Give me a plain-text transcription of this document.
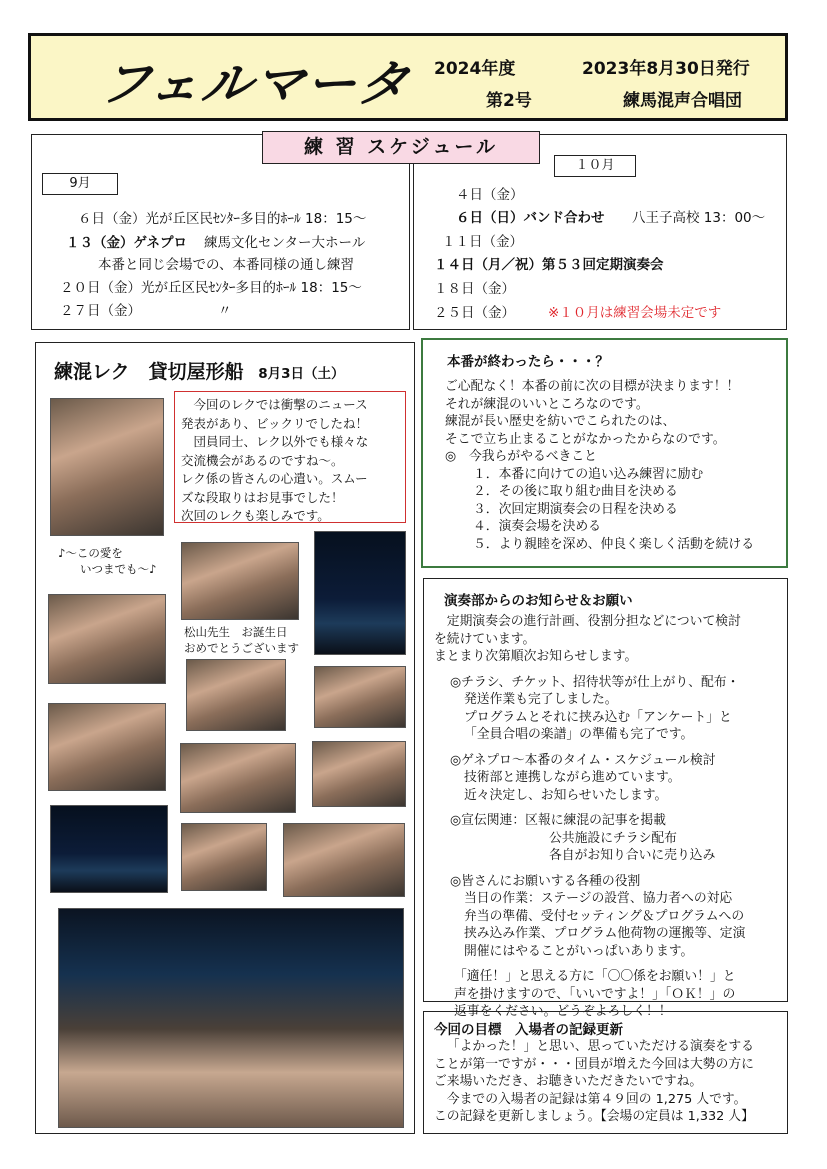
フェルマータ 2024年度
第2号
2023年8月30日発行
練馬混声合唱団
9月
６日（金）光が丘区民ｾﾝﾀｰ多目的ﾎｰﾙ 18：15～
１３（金）ゲネプロ 練馬文化センター大ホール
本番と同じ会場での、本番同様の通し練習
２０日（金）光が丘区民ｾﾝﾀｰ多目的ﾎｰﾙ 18：15～
２７日（金）	〃
１０月
４日（金）
６日（日）バンド合わせ 八王子高校 13：00～
１１日（金）
１４日（月／祝）第５３回定期演奏会
１８日（金）
２５日（金） ※１０月は練習会場未定です
練 習 スケジュール
練混レク　貸切屋形船 8月3日（土）
今回のレクでは衝撃のニュース
発表があり、ビックリでしたね！
団員同士、レク以外でも様々な
交流機会があるのですね～。
レク係の皆さんの心遣い。スムー
ズな段取りはお見事でした！
次回のレクも楽しみです。
♪～この愛を
いつまでも～♪
松山先生　お誕生日
おめでとうございます
本番が終わったら・・・？
ご心配なく！本番の前に次の目標が決まります！！
それが練混のいいところなのです。
練混が長い歴史を紡いでこられたのは、
そこで立ち止まることがなかったからなのです。
◎　今我らがやるべきこと
１．本番に向けての追い込み練習に励む
２．その後に取り組む曲目を決める
３．次回定期演奏会の日程を決める
４．演奏会場を決める
５．より親睦を深め、仲良く楽しく活動を続ける
演奏部からのお知らせ＆お願い
定期演奏会の進行計画、役割分担などについて検討
を続けています。
まとまり次第順次お知らせします。
◎チラシ、チケット、招待状等が仕上がり、配布・
発送作業も完了しました。
プログラムとそれに挟み込む「アンケート」と
「全員合唱の楽譜」の準備も完了です。
◎ゲネプロ～本番のタイム・スケジュール検討
技術部と連携しながら進めています。
近々決定し、お知らせいたします。
◎宣伝関連：区報に練混の記事を掲載
公共施設にチラシ配布
各自がお知り合いに売り込み
◎皆さんにお願いする各種の役割
当日の作業：ステージの設営、協力者への対応
弁当の準備、受付セッティング＆プログラムへの
挟み込み作業、プログラム他荷物の運搬等、定演
開催にはやることがいっぱいあります。
「適任！」と思える方に「〇〇係をお願い！」と
声を掛けますので、「いいですよ！」「ＯＫ！」の
返事をください。どうぞよろしく！！
今回の目標　入場者の記録更新
「よかった！」と思い、思っていただける演奏をする
ことが第一ですが・・・団員が増えた今回は大勢の方に
ご来場いただき、お聴きいただきたいですね。
今までの入場者の記録は第４９回の 1,275 人です。
この記録を更新しましょう。【会場の定員は 1,332 人】
